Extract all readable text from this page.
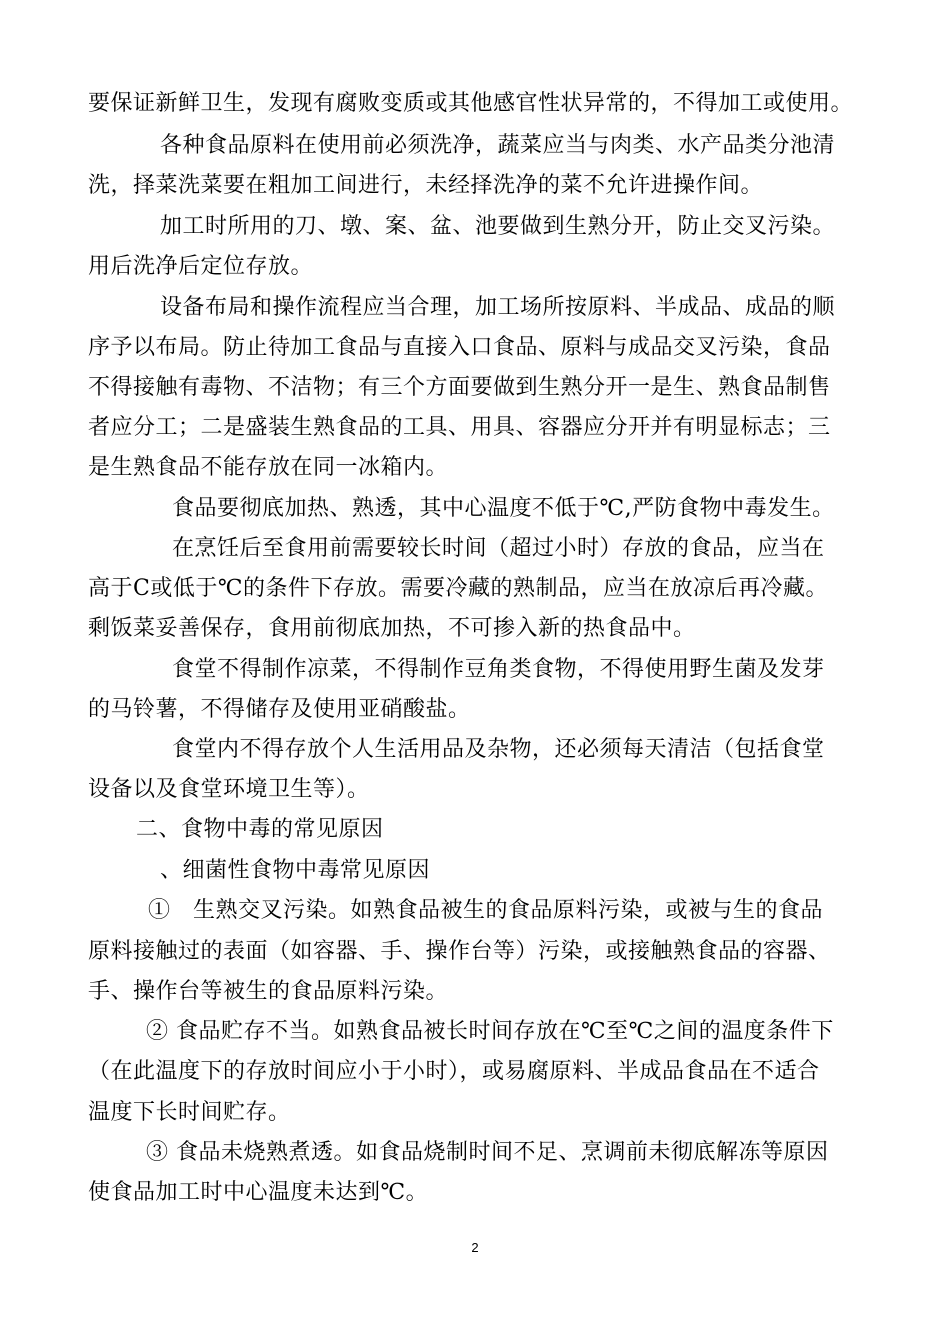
要保证新鲜卫生，发现有腐败变质或其他感官性状异常的，不得加工或使用。
各种食品原料在使用前必须洗净，蔬菜应当与肉类、水产品类分池清
洗，择菜洗菜要在粗加工间进行，未经择洗净的菜不允许进操作间。
加工时所用的刀、墩、案、盆、池要做到生熟分开，防止交叉污染。
用后洗净后定位存放。
设备布局和操作流程应当合理，加工场所按原料、半成品、成品的顺
序予以布局。防止待加工食品与直接入口食品、原料与成品交叉污染，食品
不得接触有毒物、不洁物；有三个方面要做到生熟分开一是生、熟食品制售
者应分工；二是盛装生熟食品的工具、用具、容器应分开并有明显标志；三
是生熟食品不能存放在同一冰箱内。
食品要彻底加热、熟透，其中心温度不低于℃,严防食物中毒发生。
在烹饪后至食用前需要较长时间（超过小时）存放的食品，应当在
高于C或低于℃的条件下存放。需要冷藏的熟制品，应当在放凉后再冷藏。
剩饭菜妥善保存，食用前彻底加热，不可掺入新的热食品中。
食堂不得制作凉菜，不得制作豆角类食物，不得使用野生菌及发芽
的马铃薯，不得储存及使用亚硝酸盐。
食堂内不得存放个人生活用品及杂物，还必须每天清洁（包括食堂
设备以及食堂环境卫生等）。
二、食物中毒的常见原因
、细菌性食物中毒常见原因
①　生熟交叉污染。如熟食品被生的食品原料污染，或被与生的食品
原料接触过的表面（如容器、手、操作台等）污染，或接触熟食品的容器、
手、操作台等被生的食品原料污染。
② 食品贮存不当。如熟食品被长时间存放在℃至℃之间的温度条件下
（在此温度下的存放时间应小于小时），或易腐原料、半成品食品在不适合
温度下长时间贮存。
③ 食品未烧熟煮透。如食品烧制时间不足、烹调前未彻底解冻等原因
使食品加工时中心温度未达到℃。
2
